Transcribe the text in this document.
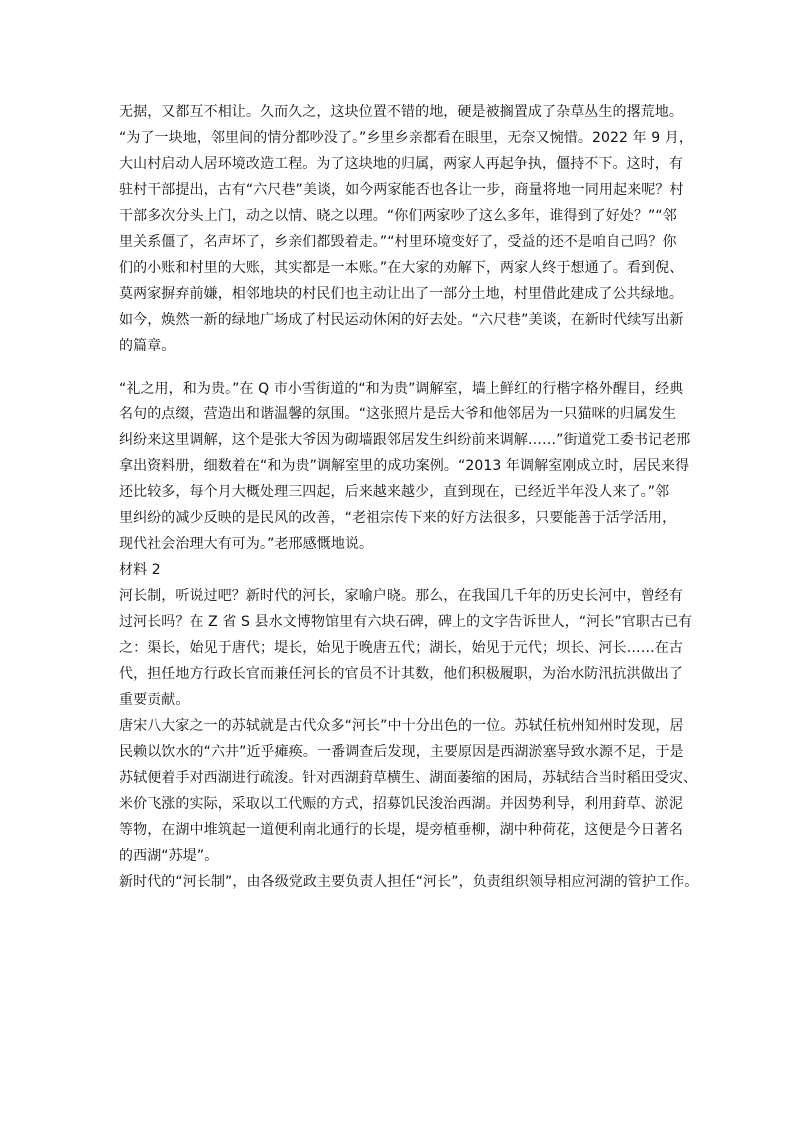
无据，又都互不相让。久而久之，这块位置不错的地，硬是被搁置成了杂草丛生的撂荒地。
“为了一块地，邻里间的情分都吵没了。”乡里乡亲都看在眼里，无奈又惋惜。2022 年 9 月，
大山村启动人居环境改造工程。为了这块地的归属，两家人再起争执，僵持不下。这时，有
驻村干部提出，古有“六尺巷”美谈，如今两家能否也各让一步，商量将地一同用起来呢？村
干部多次分头上门，动之以情、晓之以理。“你们两家吵了这么多年，谁得到了好处？”“邻
里关系僵了，名声坏了，乡亲们都毁着走。”“村里环境变好了，受益的还不是咱自己吗？你
们的小账和村里的大账，其实都是一本账。”在大家的劝解下，两家人终于想通了。看到倪、
莫两家摒弃前嫌，相邻地块的村民们也主动让出了一部分土地，村里借此建成了公共绿地。
如今，焕然一新的绿地广场成了村民运动休闲的好去处。“六尺巷”美谈，在新时代续写出新
的篇章。
“礼之用，和为贵。”在 Q 市小雪街道的“和为贵”调解室，墙上鲜红的行楷字格外醒目，经典
名句的点缀，营造出和谐温馨的氛围。“这张照片是岳大爷和他邻居为一只猫咪的归属发生
纠纷来这里调解，这个是张大爷因为砌墙跟邻居发生纠纷前来调解……”街道党工委书记老邢
拿出资料册，细数着在“和为贵”调解室里的成功案例。“2013 年调解室刚成立时，居民来得
还比较多，每个月大概处理三四起，后来越来越少，直到现在，已经近半年没人来了。”邻
里纠纷的减少反映的是民风的改善，“老祖宗传下来的好方法很多，只要能善于活学活用，
现代社会治理大有可为。”老邢感慨地说。
材料 2
河长制，听说过吧？新时代的河长，家喻户晓。那么，在我国几千年的历史长河中，曾经有
过河长吗？在 Z 省 S 县水文博物馆里有六块石碑，碑上的文字告诉世人，“河长”官职古已有
之：渠长，始见于唐代；堤长，始见于晚唐五代；湖长，始见于元代；坝长、河长……在古
代，担任地方行政长官而兼任河长的官员不计其数，他们积极履职，为治水防汛抗洪做出了
重要贡献。
唐宋八大家之一的苏轼就是古代众多“河长”中十分出色的一位。苏轼任杭州知州时发现，居
民赖以饮水的“六井”近乎瘫痪。一番调查后发现，主要原因是西湖淤塞导致水源不足，于是
苏轼便着手对西湖进行疏浚。针对西湖葑草横生、湖面萎缩的困局，苏轼结合当时稻田受灾、
米价飞涨的实际，采取以工代赈的方式，招募饥民浚治西湖。并因势利导，利用葑草、淤泥
等物，在湖中堆筑起一道便利南北通行的长堤，堤旁植垂柳，湖中种荷花，这便是今日著名
的西湖“苏堤”。
新时代的“河长制”，由各级党政主要负责人担任“河长”，负责组织领导相应河湖的管护工作。
